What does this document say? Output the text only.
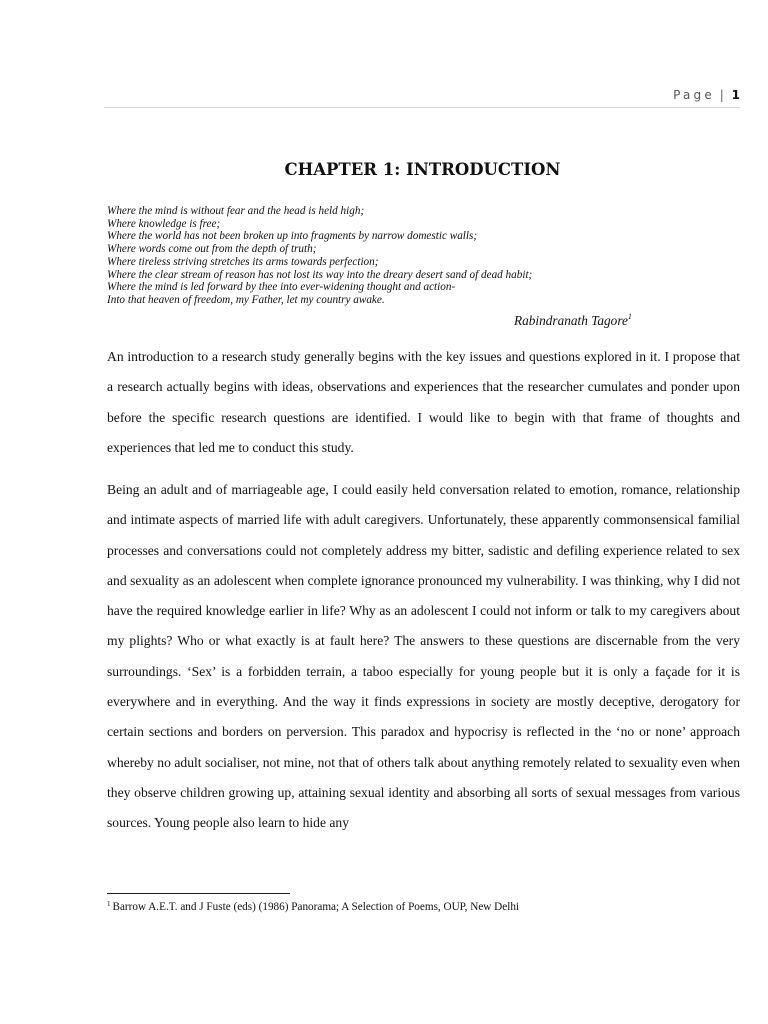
Page | 1
CHAPTER 1: INTRODUCTION
Where the mind is without fear and the head is held high;
Where knowledge is free;
Where the world has not been broken up into fragments by narrow domestic walls;
Where words come out from the depth of truth;
Where tireless striving stretches its arms towards perfection;
Where the clear stream of reason has not lost its way into the dreary desert sand of dead habit;
Where the mind is led forward by thee into ever-widening thought and action-
Into that heaven of freedom, my Father, let my country awake.
Rabindranath Tagore$^1$

An introduction to a research study generally begins with the key issues and questions explored in it. I propose that a research actually begins with ideas, observations and experiences that the researcher cumulates and ponder upon before the specific research questions are identified. I would like to begin with that frame of thoughts and experiences that led me to conduct this study.

Being an adult and of marriageable age, I could easily held conversation related to emotion, romance, relationship and intimate aspects of married life with adult caregivers. Unfortunately, these apparently commonsensical familial processes and conversations could not completely address my bitter, sadistic and defiling experience related to sex and sexuality as an adolescent when complete ignorance pronounced my vulnerability. I was thinking, why I did not have the required knowledge earlier in life? Why as an adolescent I could not inform or talk to my caregivers about my plights? Who or what exactly is at fault here? The answers to these questions are discernable from the very surroundings. ‘Sex’ is a forbidden terrain, a taboo especially for young people but it is only a façade for it is everywhere and in everything. And the way it finds expressions in society are mostly deceptive, derogatory for certain sections and borders on perversion. This paradox and hypocrisy is reflected in the ‘no or none’ approach whereby no adult socialiser, not mine, not that of others talk about anything remotely related to sexuality even when they observe children growing up, attaining sexual identity and absorbing all sorts of sexual messages from various sources. Young people also learn to hide any

$^1$ Barrow A.E.T. and J Fuste (eds) (1986) Panorama; A Selection of Poems, OUP, New Delhi
